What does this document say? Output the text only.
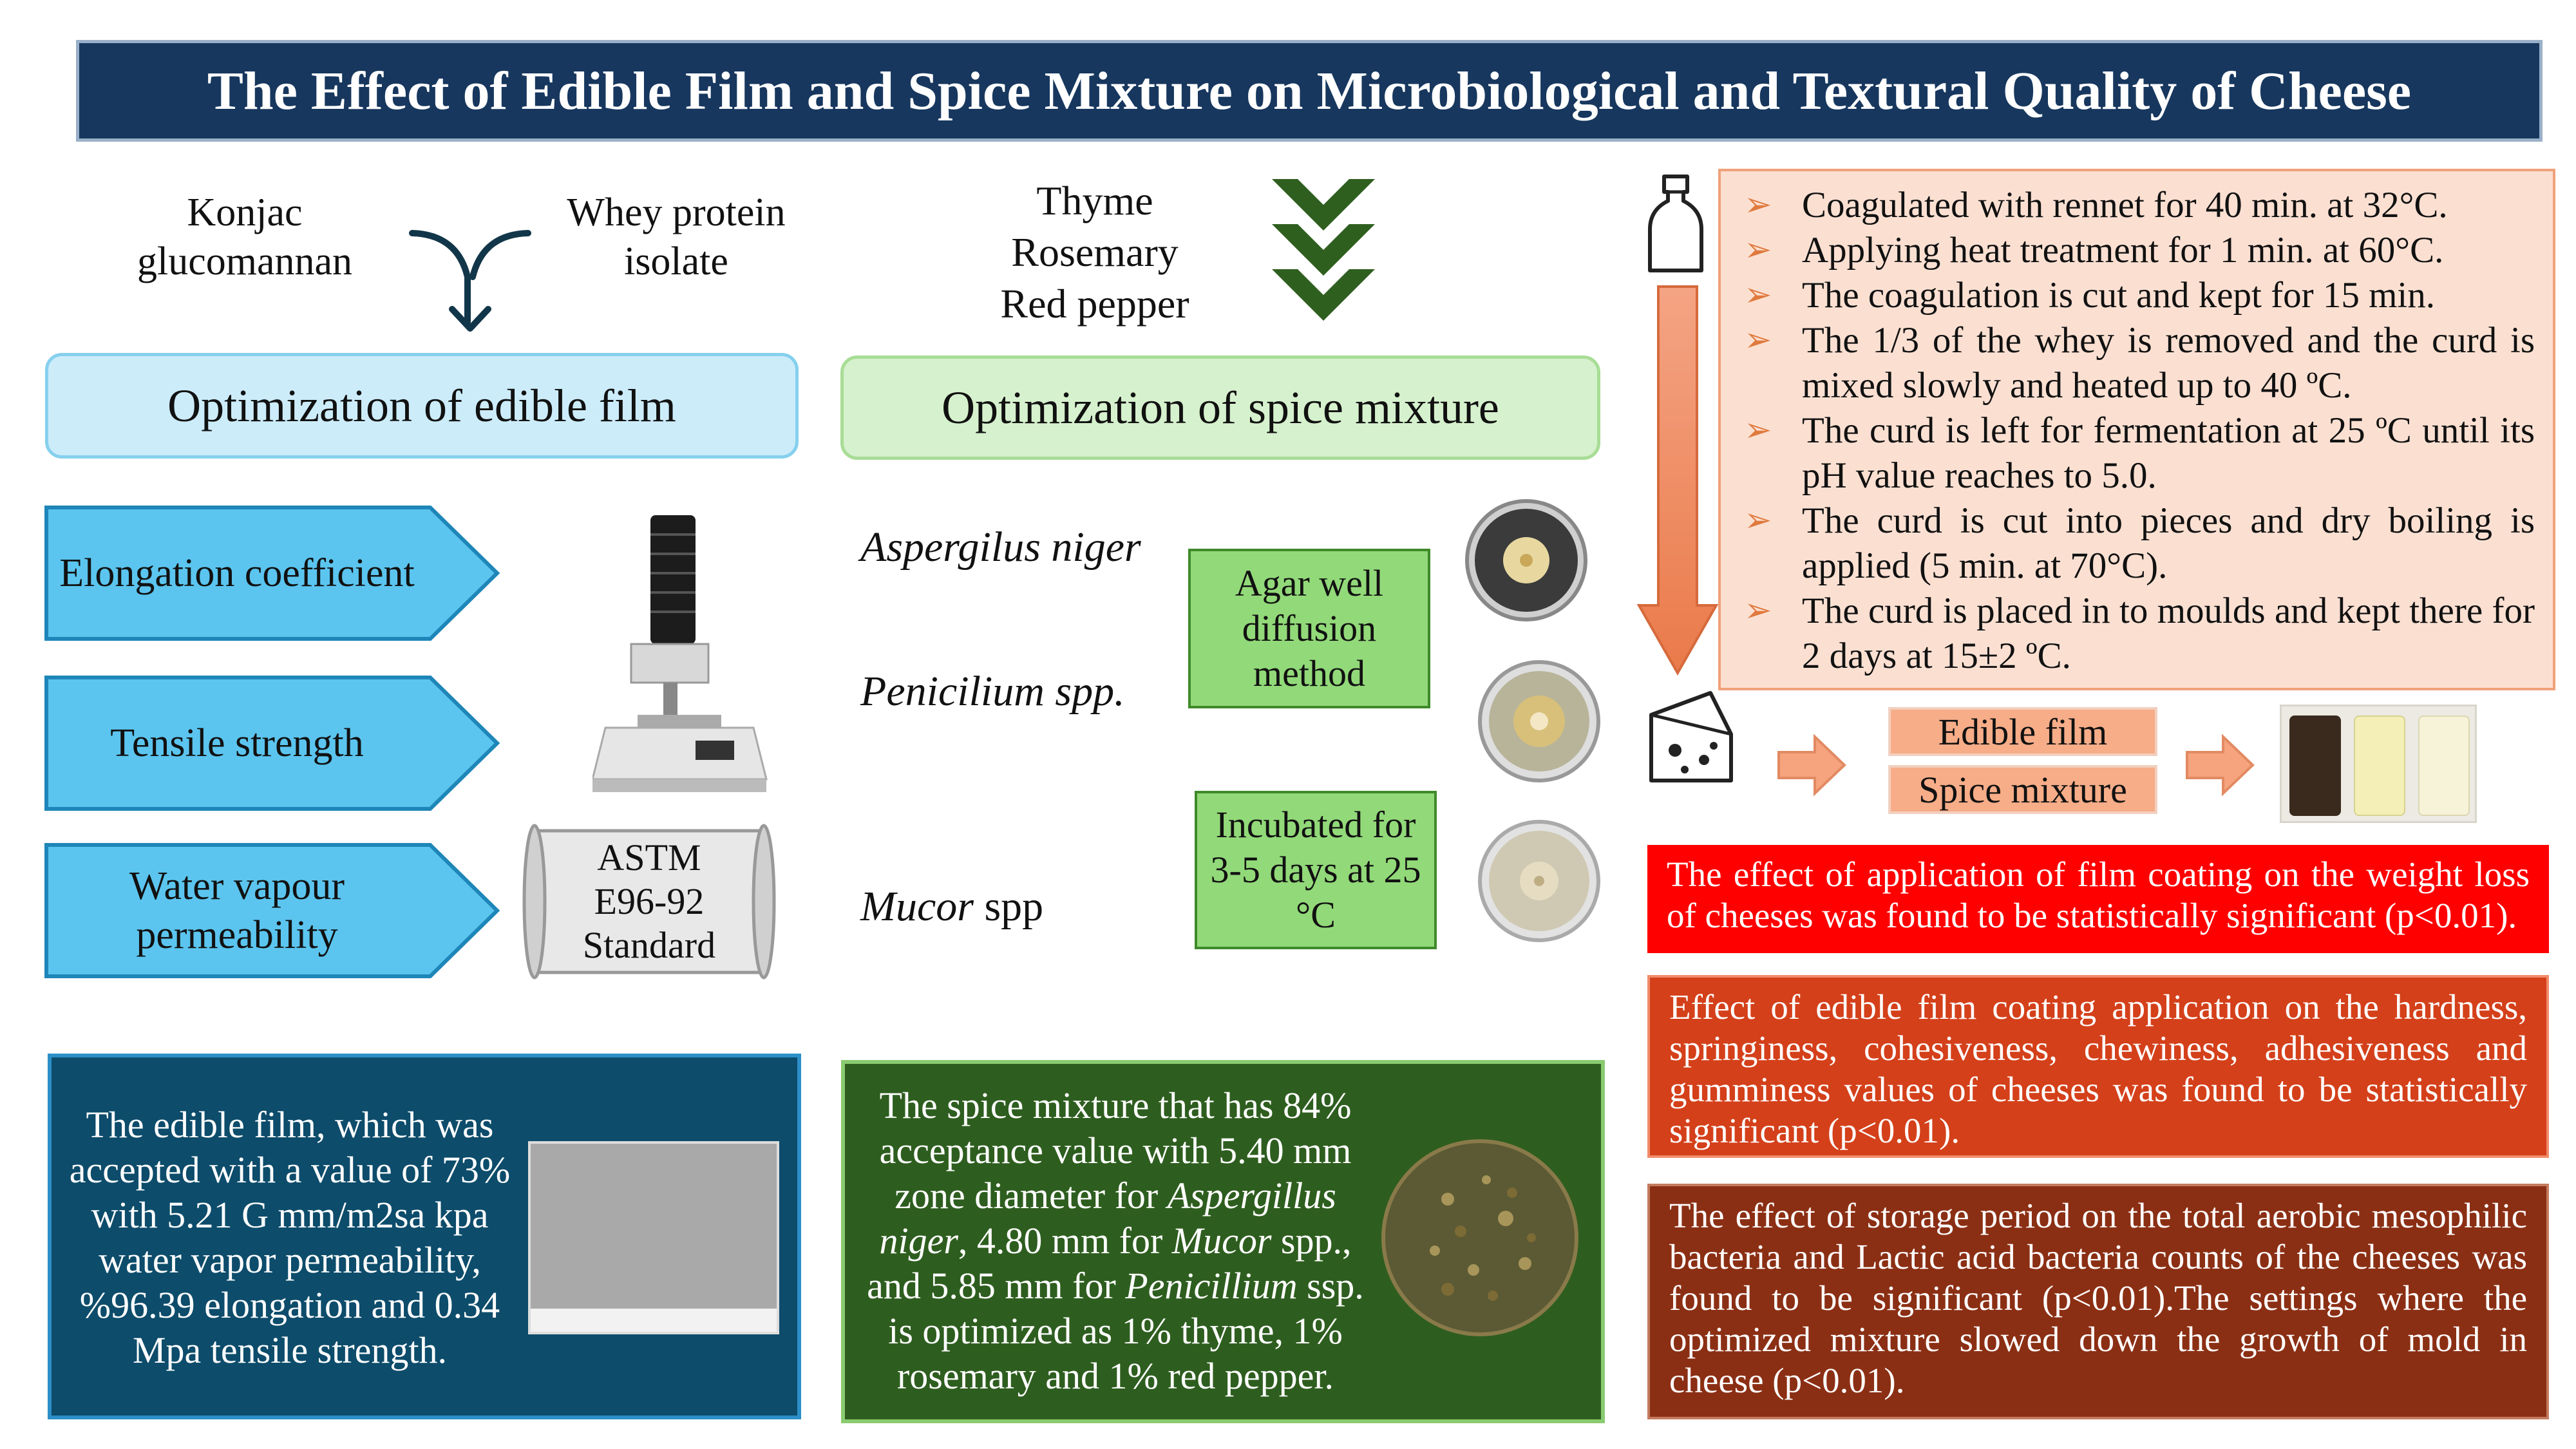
The Effect of Edible Film and Spice Mixture on Microbiological and Textural Quality of Cheese
Konjac glucomannan
Whey protein isolate
Optimization of edible film
Elongation coefficient
Tensile strength
Water vapour permeability
ASTM E96-92 Standard
The edible film, which was accepted with a value of 73% with 5.21 G mm/m2sa kpa water vapor permeability, %96.39 elongation and 0.34 Mpa tensile strength.
Thyme
Rosemary
Red pepper
Optimization of spice mixture
Aspergilus niger
Penicilium spp.
Mucor spp
Agar well diffusion method
Incubated for 3-5 days at 25 °C
The spice mixture that has 84% acceptance value with 5.40 mm zone diameter for Aspergillus niger, 4.80 mm for Mucor spp., and 5.85 mm for Penicillium ssp. is optimized as 1% thyme, 1% rosemary and 1% red pepper.
➢ Coagulated with rennet for 40 min. at 32°C.
➢ Applying heat treatment for 1 min. at 60°C.
➢ The coagulation is cut and kept for 15 min.
➢ The 1/3 of the whey is removed and the curd is mixed slowly and heated up to 40 ºC.
➢ The curd is left for fermentation at 25 ºC until its pH value reaches to 5.0.
➢ The curd is cut into pieces and dry boiling is applied (5 min. at 70°C).
➢ The curd is placed in to moulds and kept there for 2 days at 15±2 ºC.
Edible film
Spice mixture
The effect of application of film coating on the weight loss of cheeses was found to be statistically significant (p<0.01).
Effect of edible film coating application on the hardness, springiness, cohesiveness, chewiness, adhesiveness and gumminess values of cheeses was found to be statistically significant (p<0.01).
The effect of storage period on the total aerobic mesophilic bacteria and Lactic acid bacteria counts of the cheeses was found to be significant (p<0.01).The settings where the optimized mixture slowed down the growth of mold in cheese (p<0.01).
